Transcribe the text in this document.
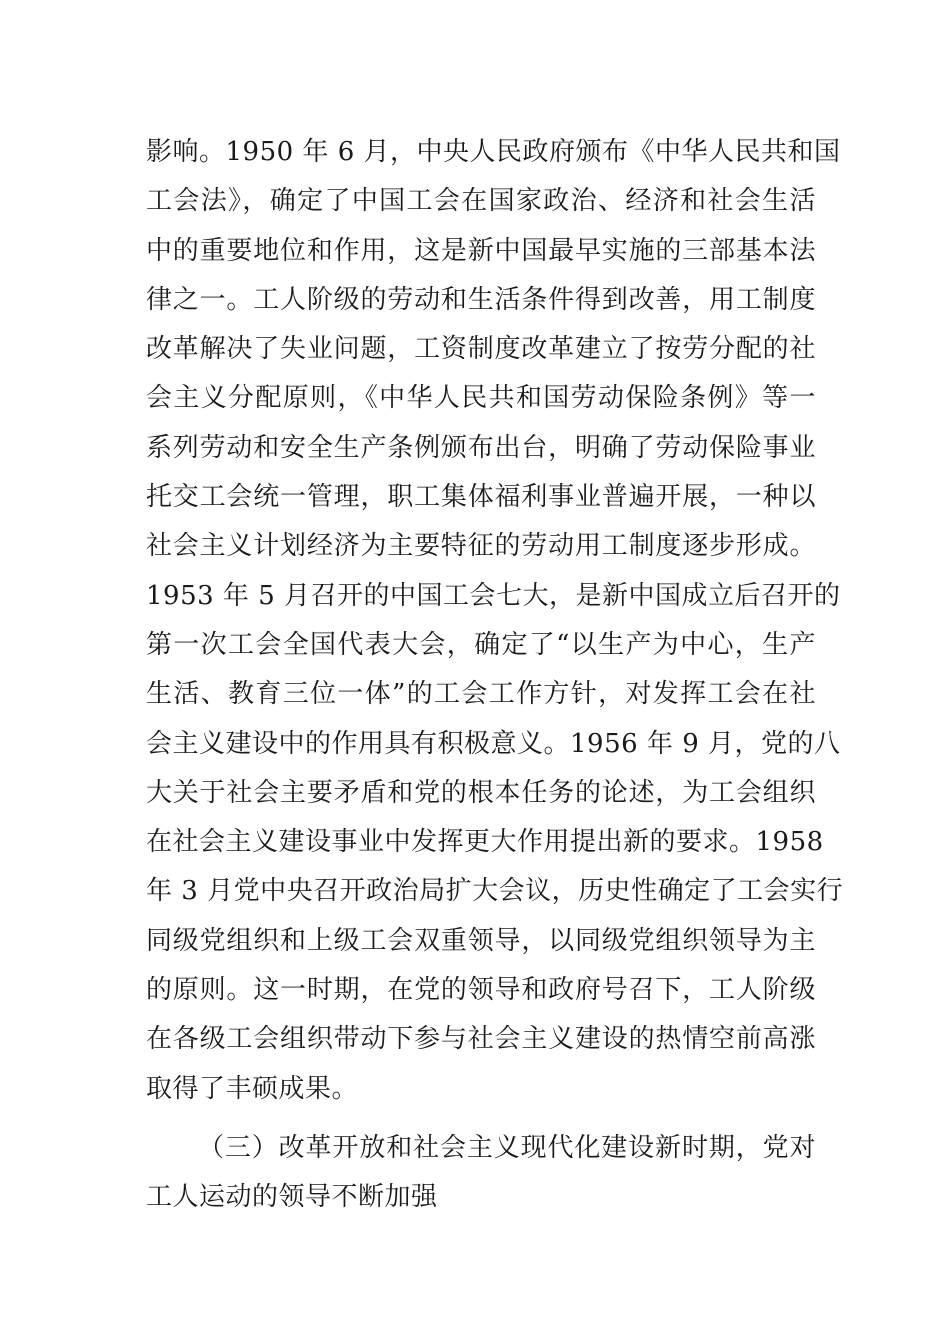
影响。1950 年 6 月，中央人民政府颁布《中华人民共和国
工会法》，确定了中国工会在国家政治、经济和社会生活
中的重要地位和作用，这是新中国最早实施的三部基本法
律之一。工人阶级的劳动和生活条件得到改善，用工制度
改革解决了失业问题，工资制度改革建立了按劳分配的社
会主义分配原则，《中华人民共和国劳动保险条例》等一
系列劳动和安全生产条例颁布出台，明确了劳动保险事业
托交工会统一管理，职工集体福利事业普遍开展，一种以
社会主义计划经济为主要特征的劳动用工制度逐步形成。
1953 年 5 月召开的中国工会七大，是新中国成立后召开的
第一次工会全国代表大会，确定了“以生产为中心，生产
生活、教育三位一体”的工会工作方针，对发挥工会在社
会主义建设中的作用具有积极意义。1956 年 9 月，党的八
大关于社会主要矛盾和党的根本任务的论述，为工会组织
在社会主义建设事业中发挥更大作用提出新的要求。1958
年 3 月党中央召开政治局扩大会议，历史性确定了工会实行
同级党组织和上级工会双重领导，以同级党组织领导为主
的原则。这一时期，在党的领导和政府号召下，工人阶级
在各级工会组织带动下参与社会主义建设的热情空前高涨
取得了丰硕成果。
（三）改革开放和社会主义现代化建设新时期，党对
工人运动的领导不断加强
